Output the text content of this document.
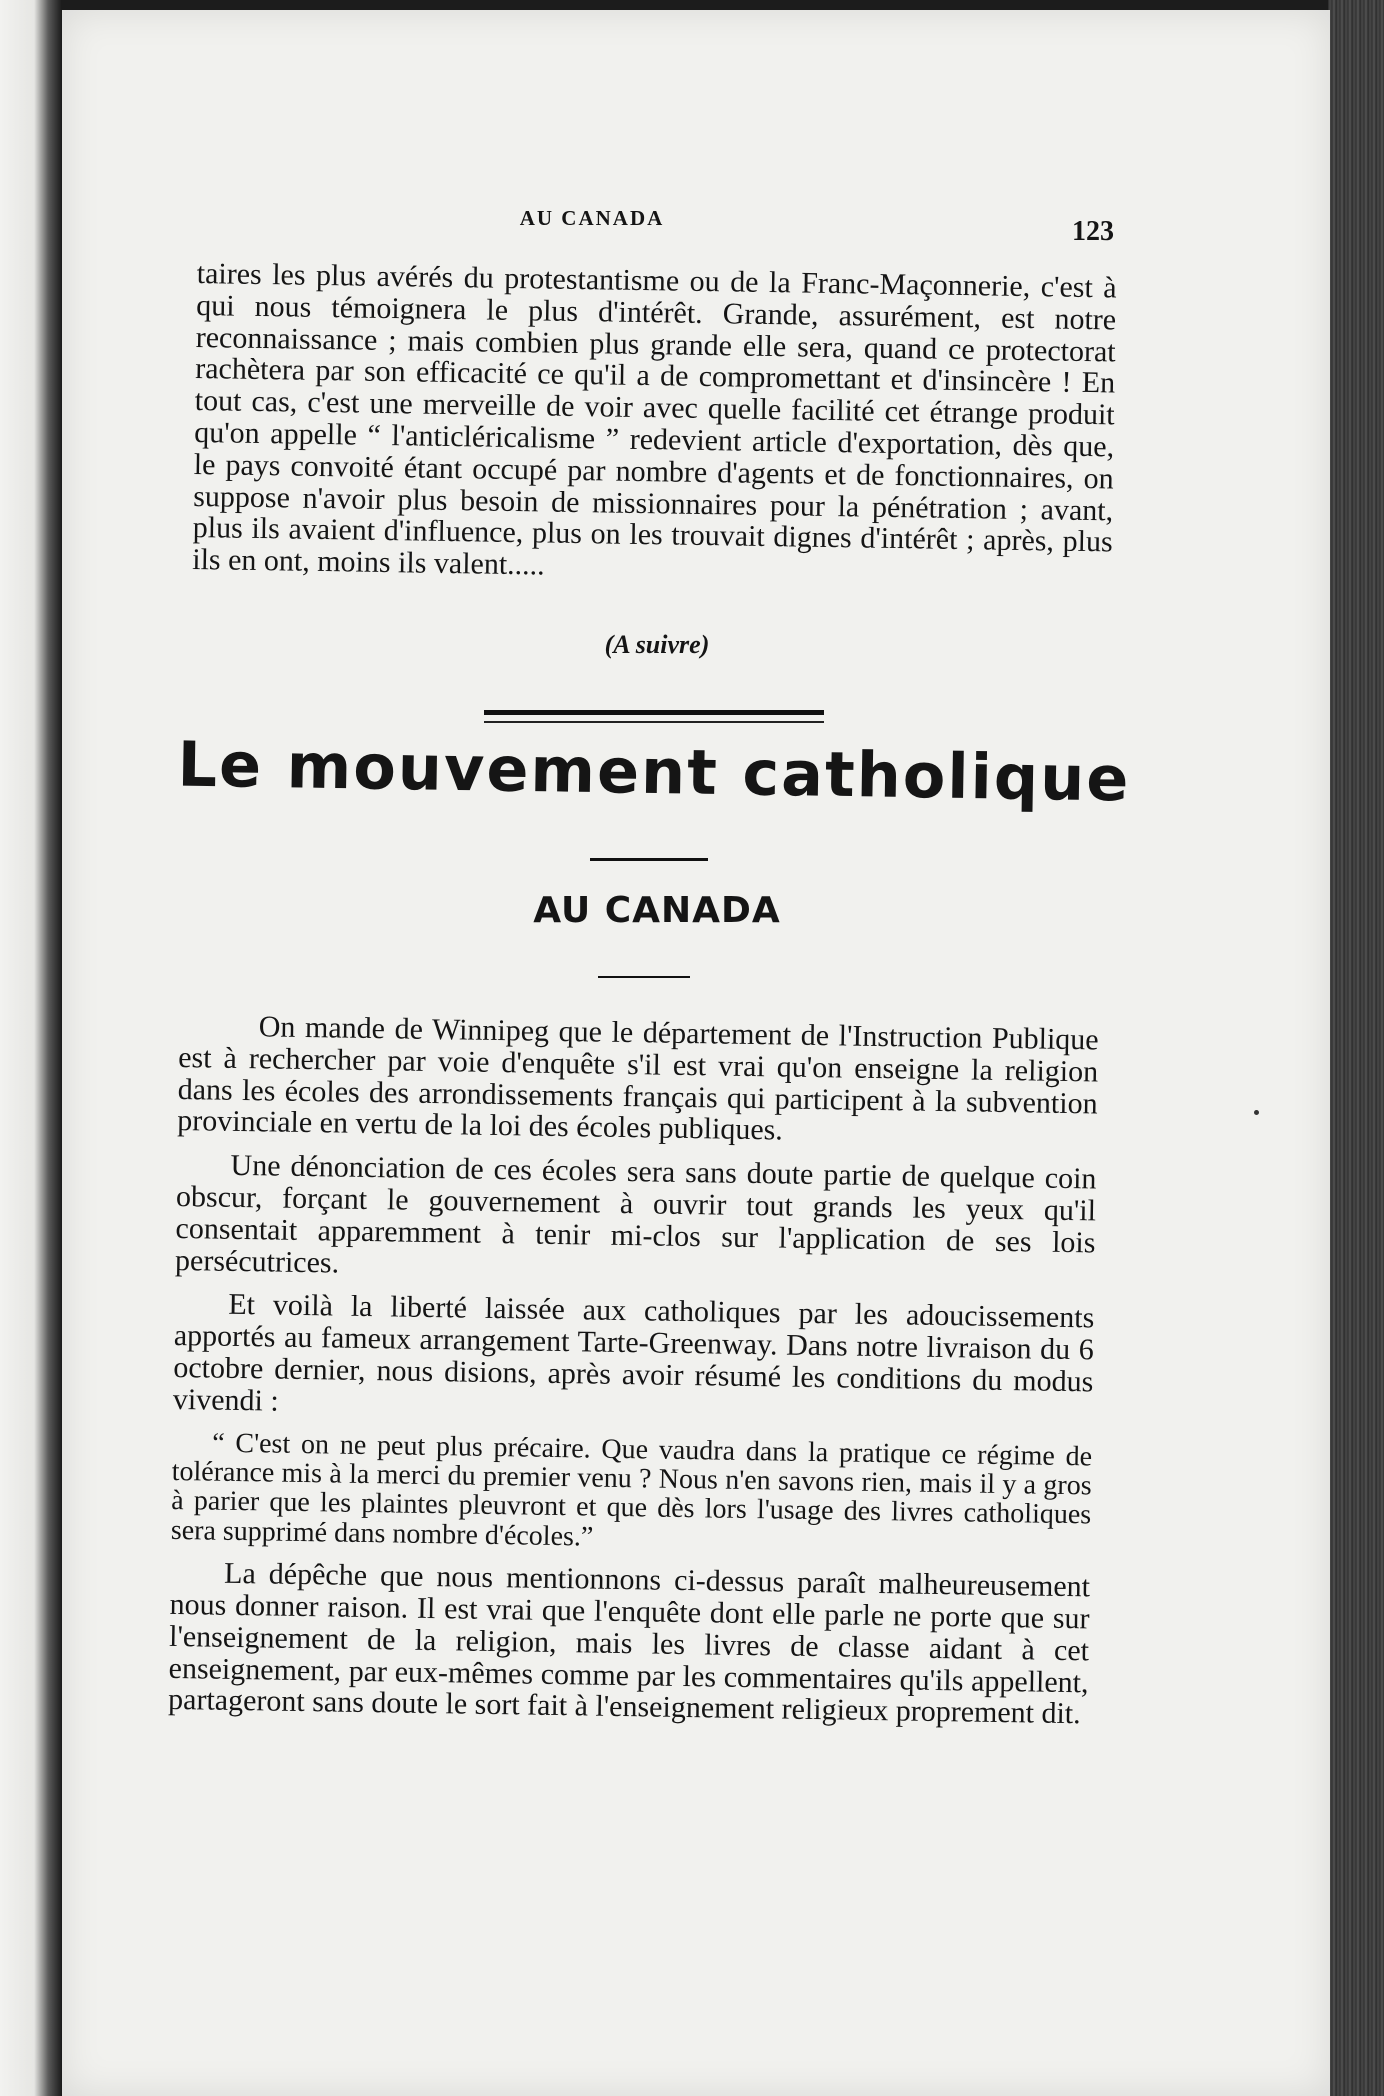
AU CANADA	123

taires les plus avérés du protestantisme ou de la Franc-Maçonnerie, c'est à qui nous témoignera le plus d'intérêt. Grande, assurément, est notre reconnaissance ; mais combien plus grande elle sera, quand ce protectorat rachètera par son efficacité ce qu'il a de compromettant et d'insincère ! En tout cas, c'est une merveille de voir avec quelle facilité cet étrange produit qu'on appelle “ l'anticléricalisme ” redevient article d'exportation, dès que, le pays convoité étant occupé par nombre d'agents et de fonctionnaires, on suppose n'avoir plus besoin de missionnaires pour la pénétration ; avant, plus ils avaient d'influence, plus on les trouvait dignes d'intérêt ; après, plus ils en ont, moins ils valent.....

(A suivre)
Le mouvement catholique
AU CANADA

On mande de Winnipeg que le département de l'Instruction Publique est à rechercher par voie d'enquête s'il est vrai qu'on enseigne la religion dans les écoles des arrondissements français qui participent à la subvention provinciale en vertu de la loi des écoles publiques.

Une dénonciation de ces écoles sera sans doute partie de quelque coin obscur, forçant le gouvernement à ouvrir tout grands les yeux qu'il consentait apparemment à tenir mi-clos sur l'application de ses lois persécutrices.

Et voilà la liberté laissée aux catholiques par les adoucissements apportés au fameux arrangement Tarte-Greenway. Dans notre livraison du 6 octobre dernier, nous disions, après avoir résumé les conditions du modus vivendi :

“ C'est on ne peut plus précaire. Que vaudra dans la pratique ce régime de tolérance mis à la merci du premier venu ? Nous n'en savons rien, mais il y a gros à parier que les plaintes pleuvront et que dès lors l'usage des livres catholiques sera supprimé dans nombre d'écoles.”

La dépêche que nous mentionnons ci-dessus paraît malheureusement nous donner raison. Il est vrai que l'enquête dont elle parle ne porte que sur l'enseignement de la religion, mais les livres de classe aidant à cet enseignement, par eux-mêmes comme par les commentaires qu'ils appellent, partageront sans doute le sort fait à l'enseignement religieux proprement dit.
